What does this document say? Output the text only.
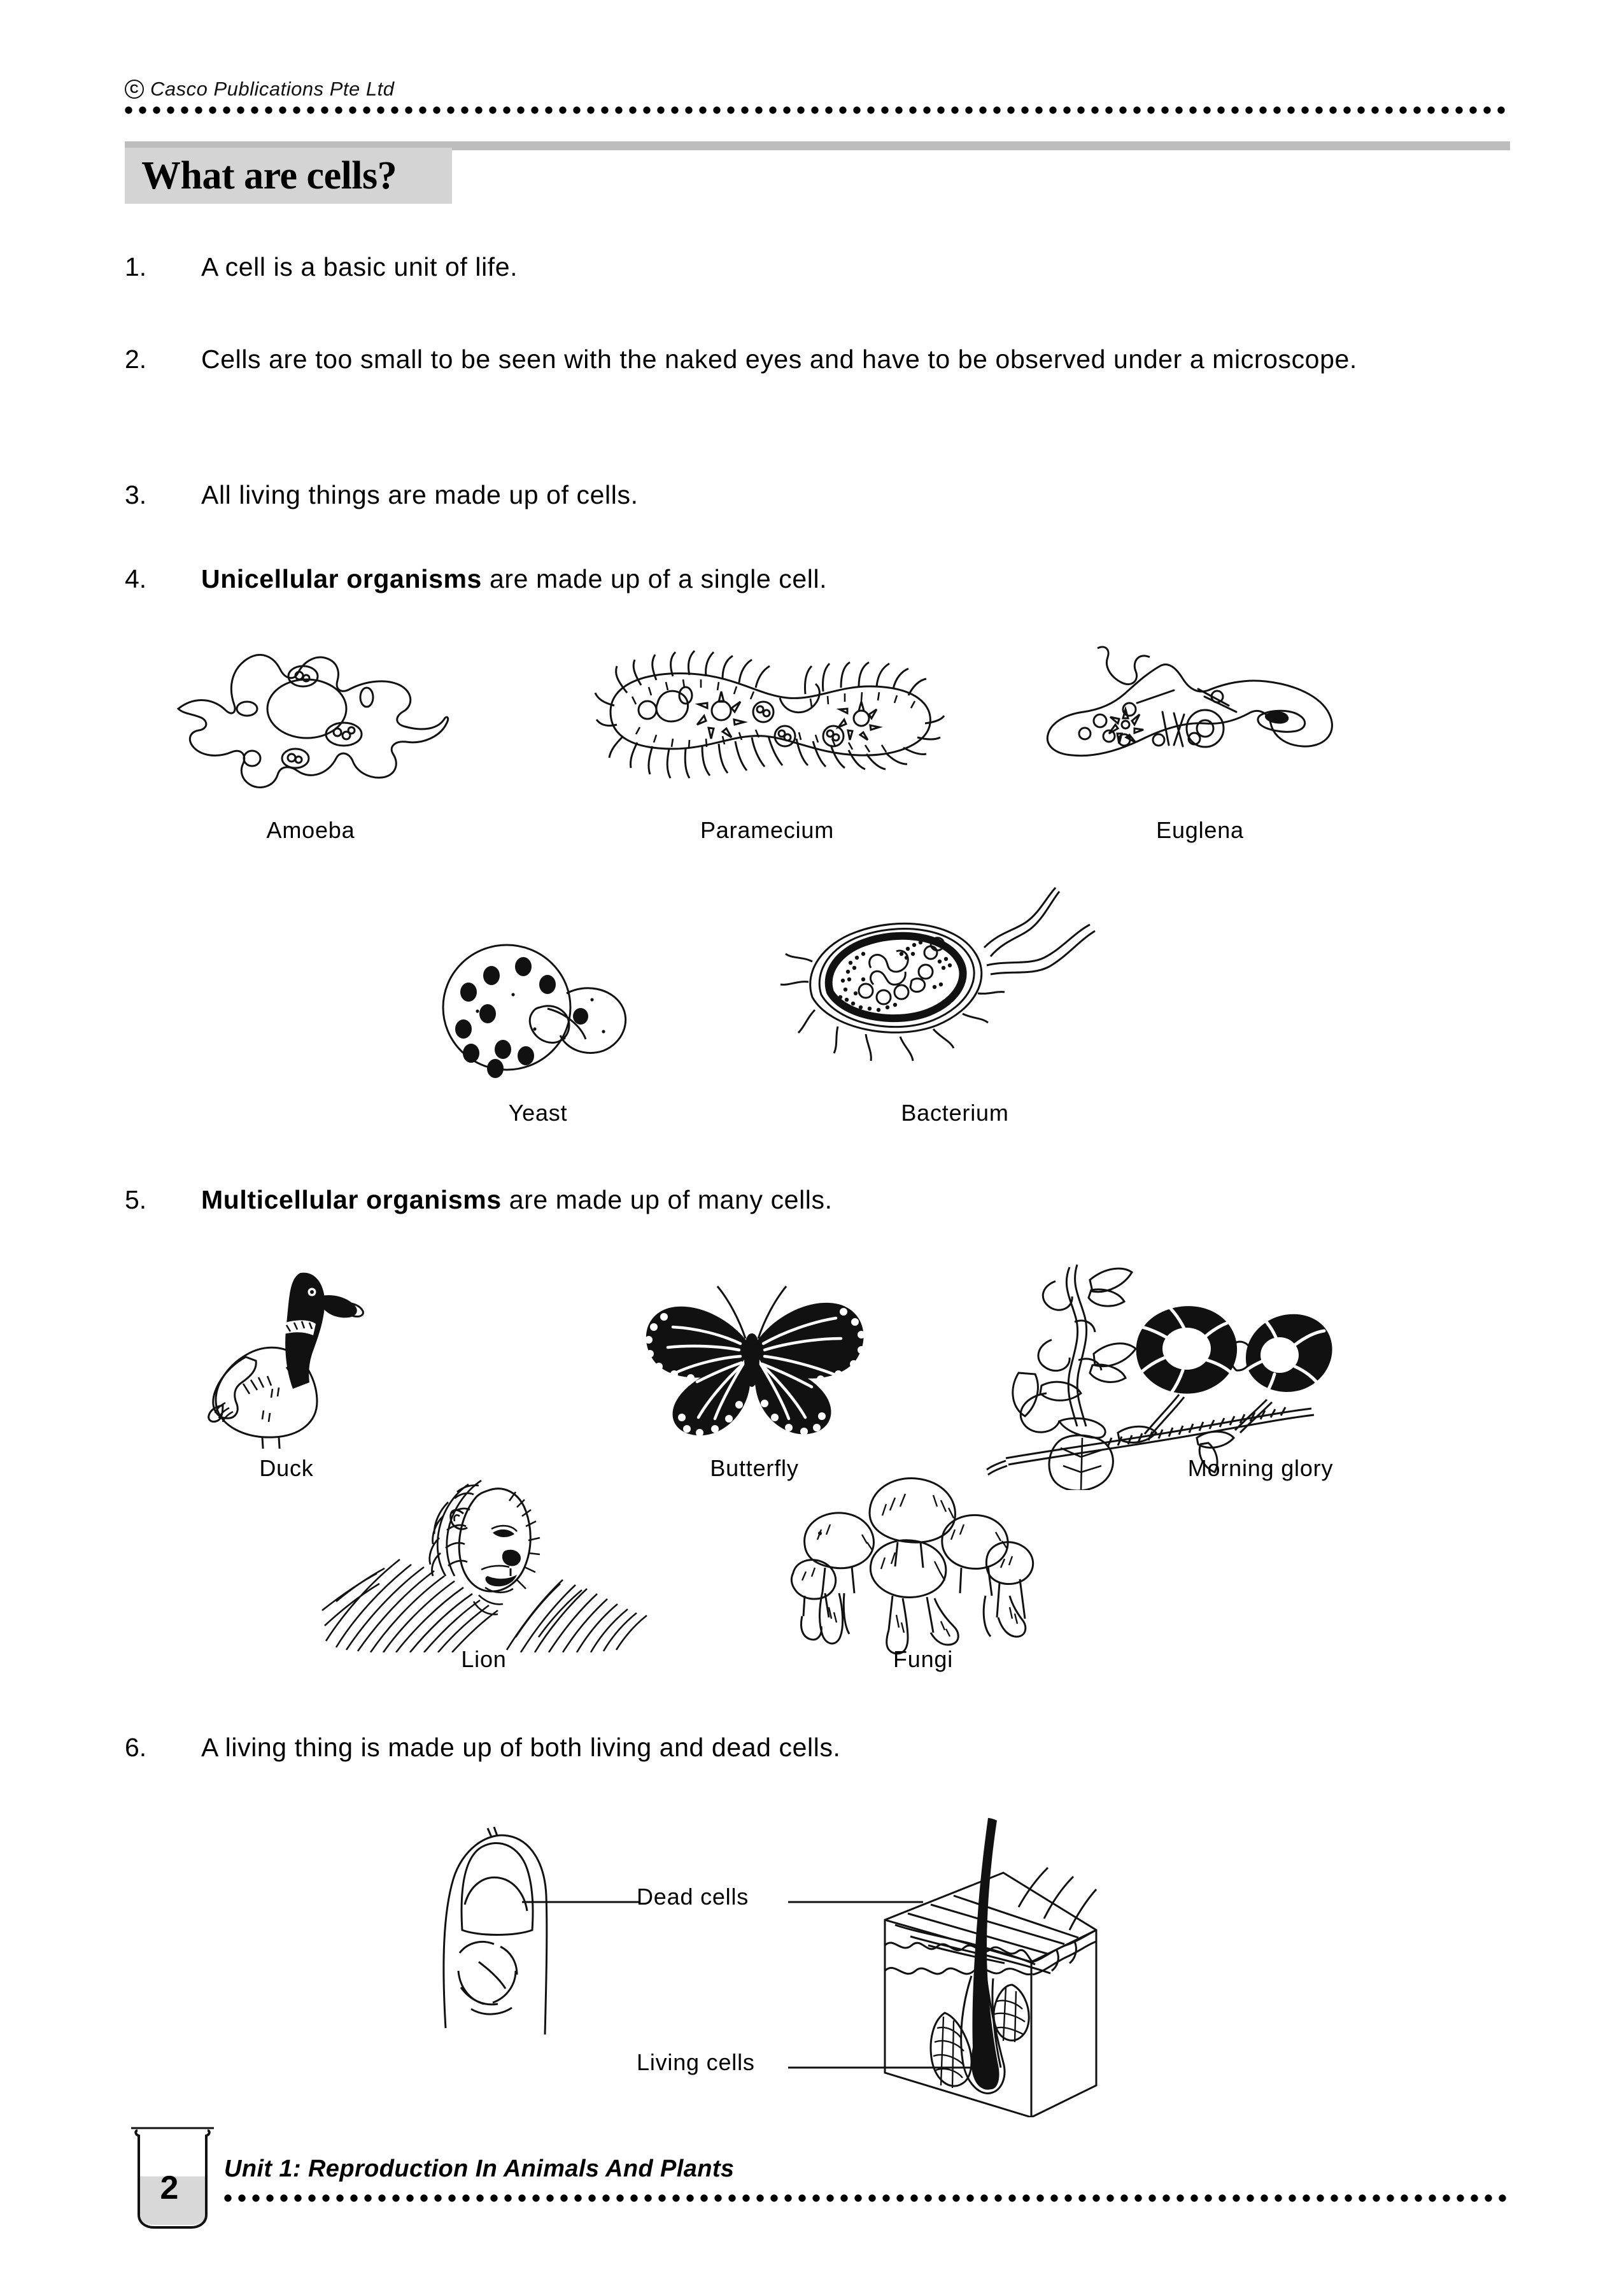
C Casco Publications Pte Ltd
What are cells?
1.	A cell is a basic unit of life.
2.	Cells are too small to be seen with the naked eyes and have to be observed under a microscope.
3.	All living things are made up of cells.
4.	Unicellular organisms are made up of a single cell.
Amoeba	Paramecium	Euglena
Yeast	Bacterium
5.	Multicellular organisms are made up of many cells.
Duck	Butterfly	Morning glory
Lion	Fungi
6.	A living thing is made up of both living and dead cells.
Dead cells
Living cells
2
Unit 1: Reproduction In Animals And Plants
